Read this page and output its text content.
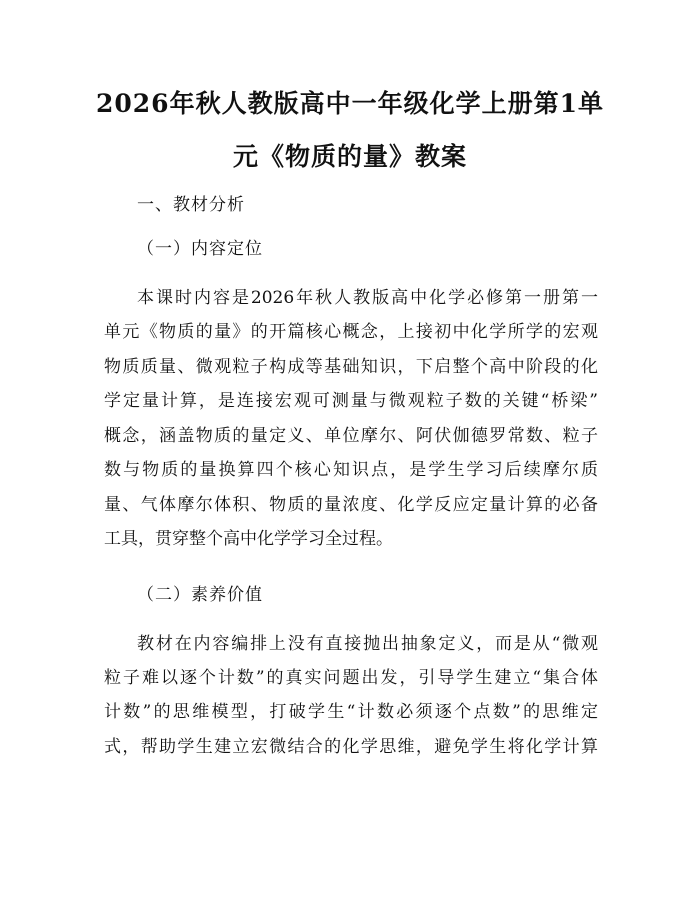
2026年秋人教版高中一年级化学上册第1单
元《物质的量》教案

一、教材分析

（一）内容定位

本课时内容是2026年秋人教版高中化学必修第一册第一

单元《物质的量》的开篇核心概念，上接初中化学所学的宏观

物质质量、微观粒子构成等基础知识，下启整个高中阶段的化

学定量计算，是连接宏观可测量与微观粒子数的关键“桥梁”

概念，涵盖物质的量定义、单位摩尔、阿伏伽德罗常数、粒子

数与物质的量换算四个核心知识点，是学生学习后续摩尔质

量、气体摩尔体积、物质的量浓度、化学反应定量计算的必备

工具，贯穿整个高中化学学习全过程。

（二）素养价值

教材在内容编排上没有直接抛出抽象定义，而是从“微观

粒子难以逐个计数”的真实问题出发，引导学生建立“集合体

计数”的思维模型，打破学生“计数必须逐个点数”的思维定

式，帮助学生建立宏微结合的化学思维，避免学生将化学计算
